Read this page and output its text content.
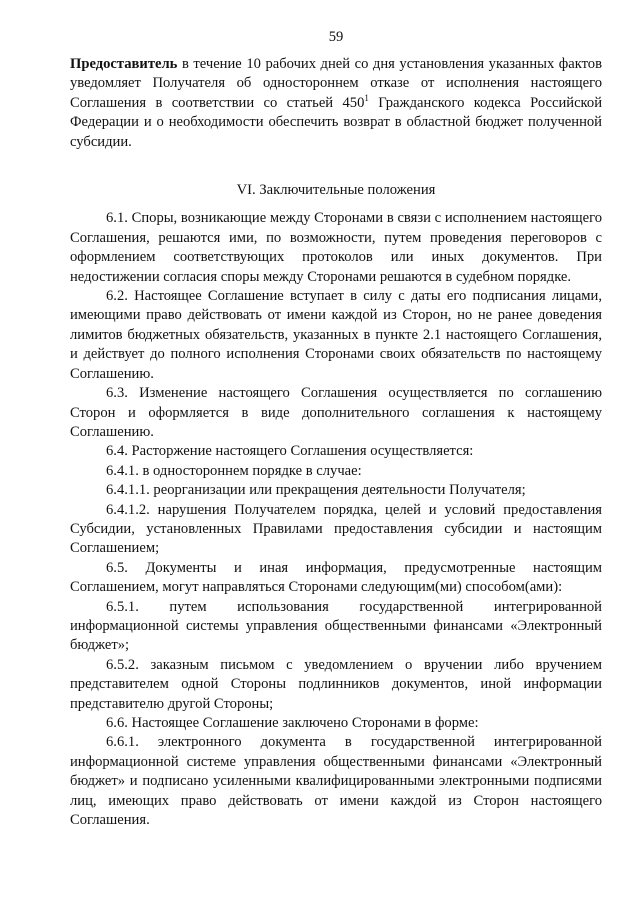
59

Предоставитель в течение 10 рабочих дней со дня установления указанных фактов уведомляет Получателя об одностороннем отказе от исполнения настоящего Соглашения в соответствии со статьей $450^1$ Гражданского кодекса Российской Федерации и о необходимости обеспечить возврат в областной бюджет полученной субсидии.

VI. Заключительные положения

6.1. Споры, возникающие между Сторонами в связи с исполнением настоящего Соглашения, решаются ими, по возможности, путем проведения переговоров с оформлением соответствующих протоколов или иных документов. При недостижении согласия споры между Сторонами решаются в судебном порядке.

6.2. Настоящее Соглашение вступает в силу с даты его подписания лицами, имеющими право действовать от имени каждой из Сторон, но не ранее доведения лимитов бюджетных обязательств, указанных в пункте 2.1 настоящего Соглашения, и действует до полного исполнения Сторонами своих обязательств по настоящему Соглашению.

6.3. Изменение настоящего Соглашения осуществляется по соглашению Сторон и оформляется в виде дополнительного соглашения к настоящему Соглашению.

6.4. Расторжение настоящего Соглашения осуществляется:

6.4.1. в одностороннем порядке в случае:

6.4.1.1. реорганизации или прекращения деятельности Получателя;

6.4.1.2. нарушения Получателем порядка, целей и условий предоставления Субсидии, установленных Правилами предоставления субсидии и настоящим Соглашением;

6.5. Документы и иная информация, предусмотренные настоящим Соглашением, могут направляться Сторонами следующим(ми) способом(ами):

6.5.1. путем использования государственной интегрированной информационной системы управления общественными финансами «Электронный бюджет»;

6.5.2. заказным письмом с уведомлением о вручении либо вручением представителем одной Стороны подлинников документов, иной информации представителю другой Стороны;

6.6. Настоящее Соглашение заключено Сторонами в форме:

6.6.1. электронного документа в государственной интегрированной информационной системе управления общественными финансами «Электронный бюджет» и подписано усиленными квалифицированными электронными подписями лиц, имеющих право действовать от имени каждой из Сторон настоящего Соглашения.
